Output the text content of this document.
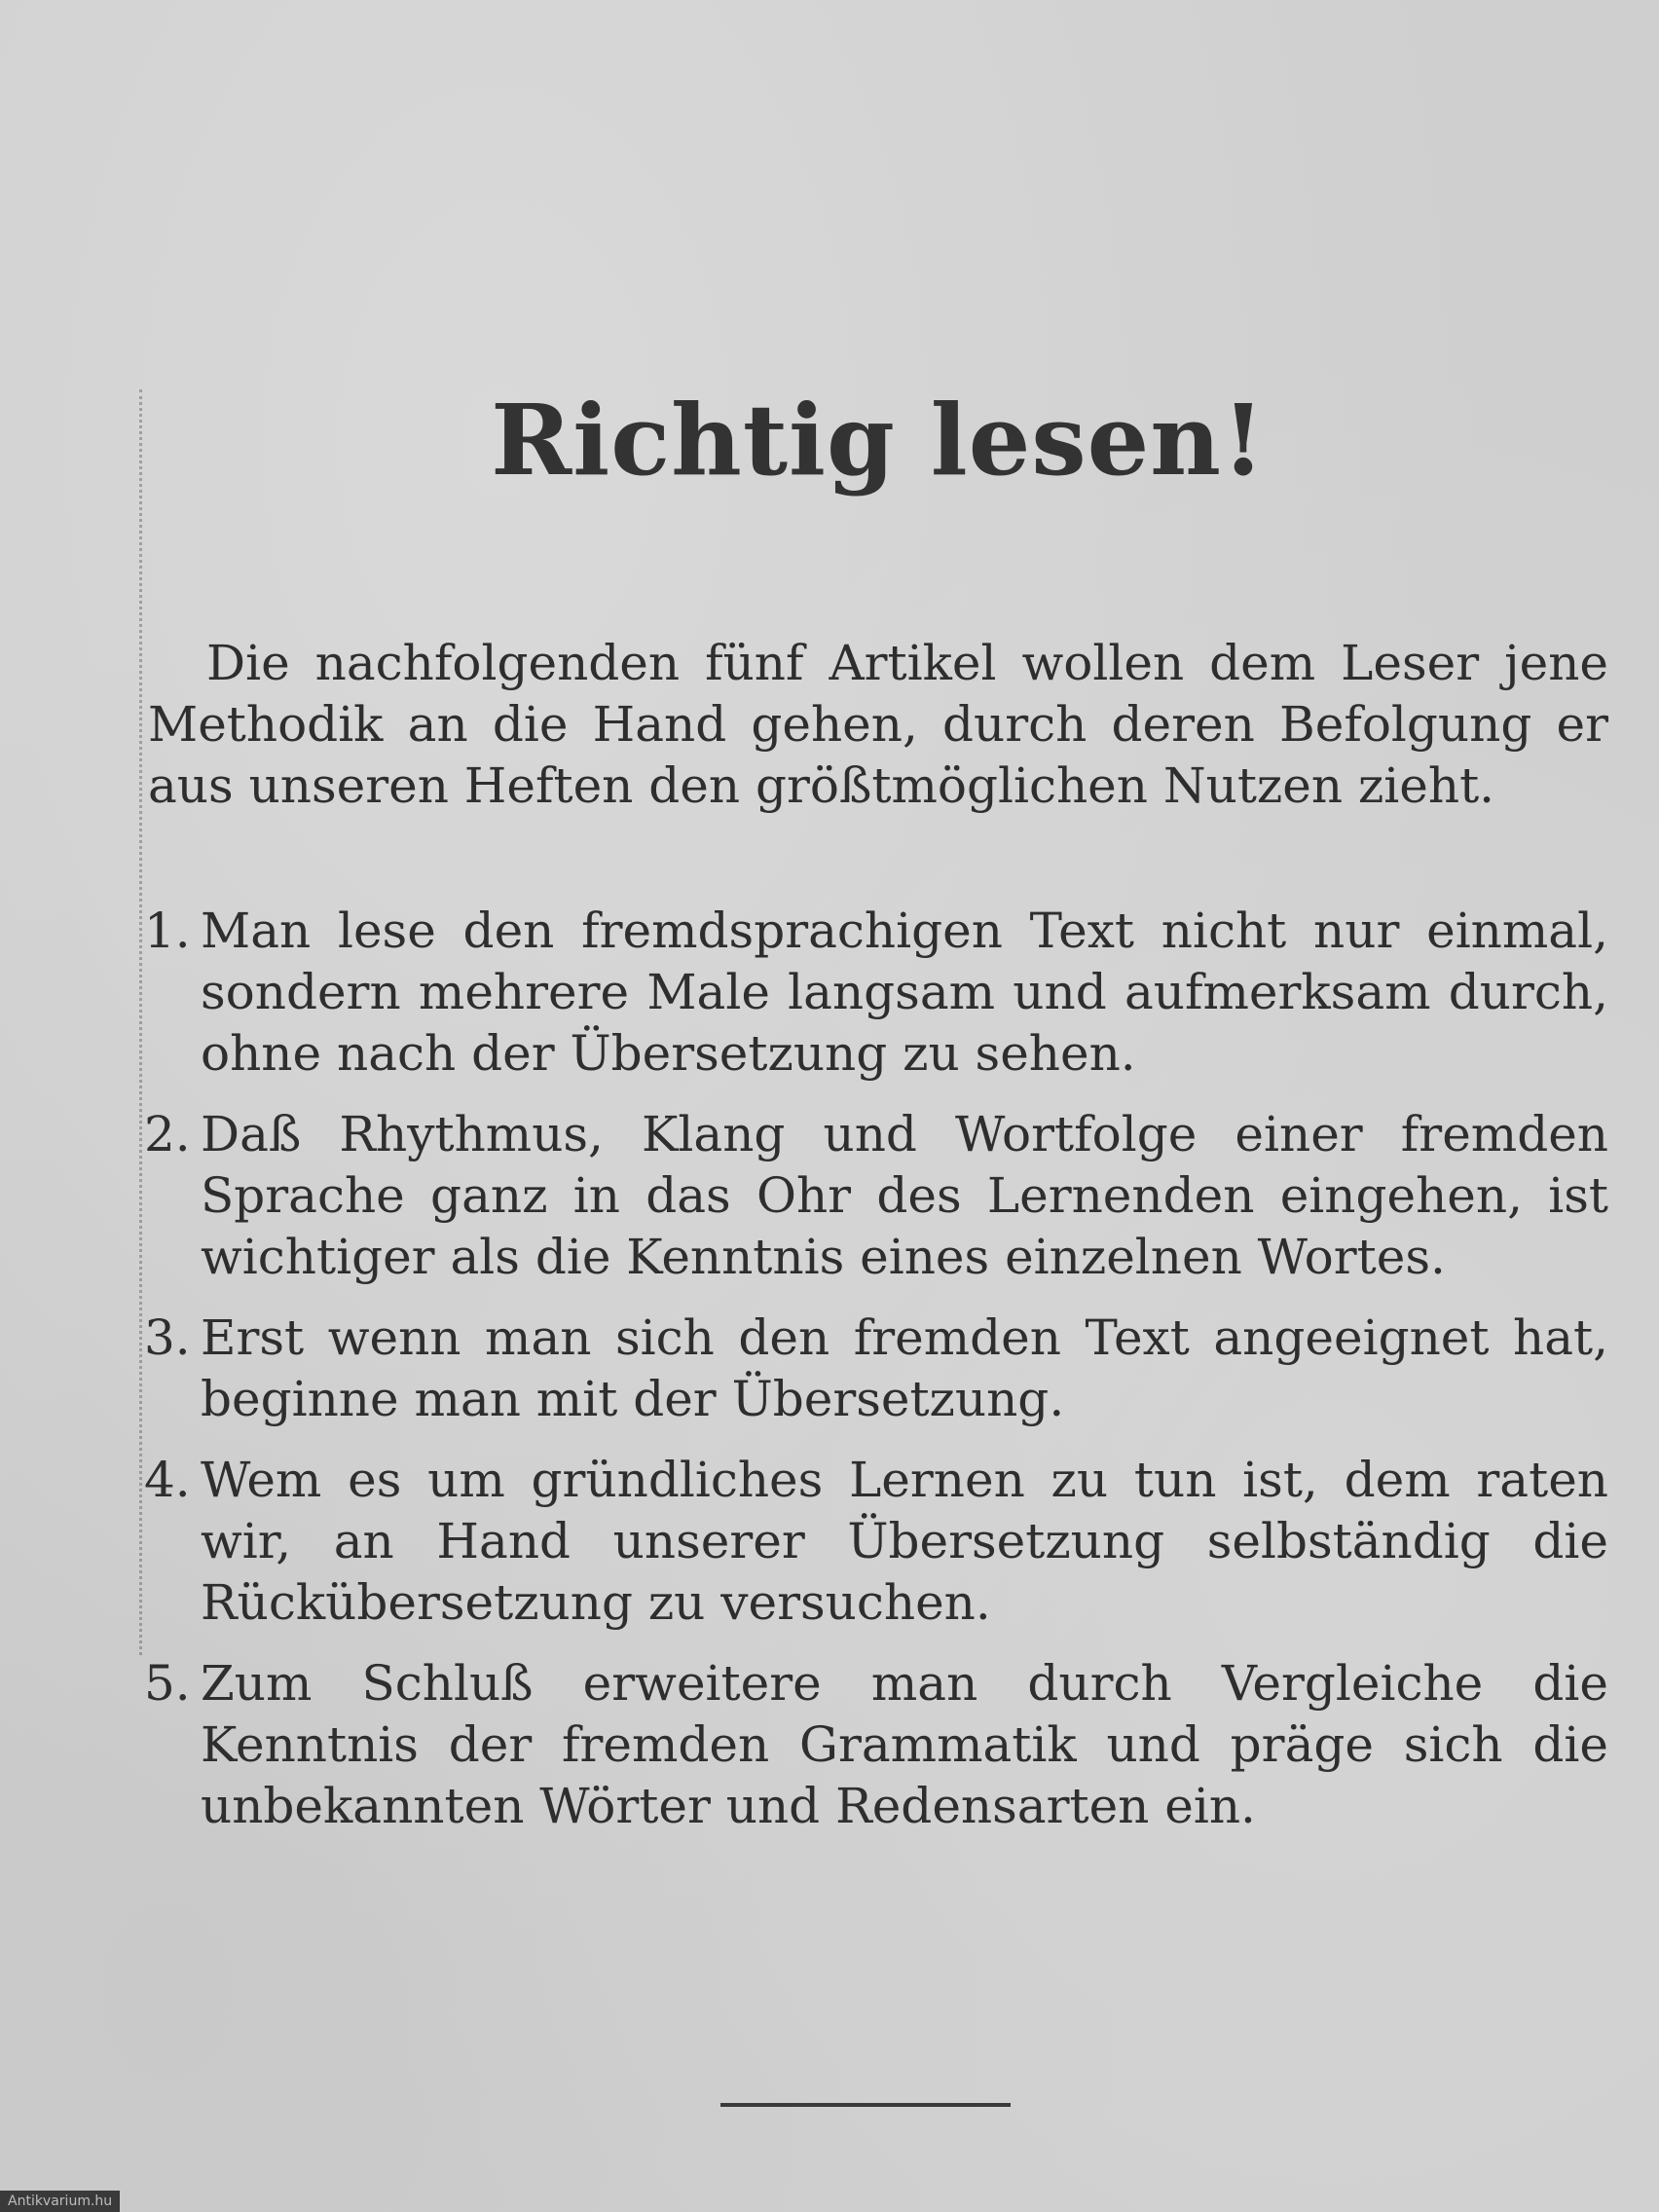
Richtig lesen!

Die nachfolgenden fünf Artikel wollen dem Leser jene Methodik an die Hand gehen, durch deren Befolgung er aus unseren Heften den größtmöglichen Nutzen zieht.

1. Man lese den fremdsprachigen Text nicht nur einmal, sondern mehrere Male langsam und aufmerksam durch, ohne nach der Übersetzung zu sehen.
2. Daß Rhythmus, Klang und Wortfolge einer fremden Sprache ganz in das Ohr des Lernenden eingehen, ist wichtiger als die Kenntnis eines einzelnen Wortes.
3. Erst wenn man sich den fremden Text angeeignet hat, beginne man mit der Übersetzung.
4. Wem es um gründliches Lernen zu tun ist, dem raten wir, an Hand unserer Übersetzung selbständig die Rückübersetzung zu versuchen.
5. Zum Schluß erweitere man durch Vergleiche die Kenntnis der fremden Grammatik und präge sich die unbekannten Wörter und Redensarten ein.
Antikvarium.hu
